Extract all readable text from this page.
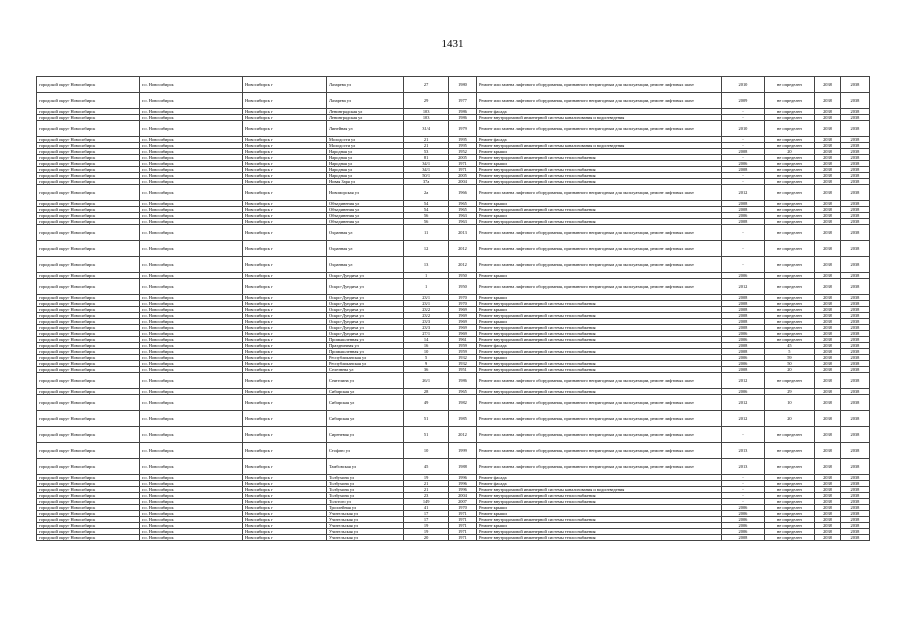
1431
городской округ Новосибирск	г.о. Новосибирск	Новосибирск г	Лазарева ул	27	1980	Ремонт или замена лифтового оборудования, признанного непригодным для эксплуатации, ремонт лифтовых шахт	2010	не определен	2038	2038
городской округ Новосибирск	г.о. Новосибирск	Новосибирск г	Лазарева ул	29	1977	Ремонт или замена лифтового оборудования, признанного непригодным для эксплуатации, ремонт лифтовых шахт	2009	не определен	2038	2038
городской округ Новосибирск	г.о. Новосибирск	Новосибирск г	Ленинградская ул	103	1986	Ремонт фасада	-	не определен	2038	2038
городской округ Новосибирск	г.о. Новосибирск	Новосибирск г	Ленинградская ул	103	1986	Ремонт внутридомовой инженерной системы канализования и водоотведения	-	не определен	2038	2038
городской округ Новосибирск	г.о. Новосибирск	Новосибирск г	Линейная ул	31/4	1979	Ремонт или замена лифтового оборудования, признанного непригодным для эксплуатации, ремонт лифтовых шахт	2010	не определен	2038	2038
городской округ Новосибирск	г.о. Новосибирск	Новосибирск г	Молодости ул	21	1995	Ремонт фасада	-	не определен	2038	2038
городской округ Новосибирск	г.о. Новосибирск	Новосибирск г	Молодости ул	21	1995	Ремонт внутридомовой инженерной системы канализования и водоотведения	-	не определен	2038	2038
городской округ Новосибирск	г.о. Новосибирск	Новосибирск г	Народная ул	53	1952	Ремонт крыши	2008	20	2038	2038
городской округ Новосибирск	г.о. Новосибирск	Новосибирск г	Народная ул	81	2005	Ремонт внутридомовой инженерной системы теплоснабжения	-	не определен	2038	2038
городской округ Новосибирск	г.о. Новосибирск	Новосибирск г	Народная ул	34/1	1971	Ремонт крыши	2006	не определен	2038	2038
городской округ Новосибирск	г.о. Новосибирск	Новосибирск г	Народная ул	34/1	1971	Ремонт внутридомовой инженерной системы теплоснабжения	2008	не определен	2038	2038
городской округ Новосибирск	г.о. Новосибирск	Новосибирск г	Народная ул	50/1	2005	Ремонт внутридомовой инженерной системы теплоснабжения	-	не определен	2038	2038
городской округ Новосибирск	г.о. Новосибирск	Новосибирск г	Новая Заря ул	37а	2004	Ремонт внутридомовой инженерной системы теплоснабжения	-	не определен	2038	2038
городской округ Новосибирск	г.о. Новосибирск	Новосибирск г	Новоморская ул	2а	1966	Ремонт или замена лифтового оборудования, признанного непригодным для эксплуатации, ремонт лифтовых шахт	2012	не определен	2038	2038
городской округ Новосибирск	г.о. Новосибирск	Новосибирск г	Объединения ул	54	1965	Ремонт крыши	2008	не определен	2038	2038
городской округ Новосибирск	г.о. Новосибирск	Новосибирск г	Объединения ул	54	1965	Ремонт внутридомовой инженерной системы теплоснабжения	2008	не определен	2038	2038
городской округ Новосибирск	г.о. Новосибирск	Новосибирск г	Объединения ул	56	1963	Ремонт крыши	2006	не определен	2038	2038
городской округ Новосибирск	г.о. Новосибирск	Новосибирск г	Объединения ул	56	1963	Ремонт внутридомовой инженерной системы теплоснабжения	2008	не определен	2038	2038
городской округ Новосибирск	г.о. Новосибирск	Новосибирск г	Охранная ул	11	2013	Ремонт или замена лифтового оборудования, признанного непригодным для эксплуатации, ремонт лифтовых шахт	-	не определен	2038	2038
городской округ Новосибирск	г.о. Новосибирск	Новосибирск г	Охранная ул	12	2012	Ремонт или замена лифтового оборудования, признанного непригодным для эксплуатации, ремонт лифтовых шахт	-	не определен	2038	2038
городской округ Новосибирск	г.о. Новосибирск	Новосибирск г	Охранная ул	13	2012	Ремонт или замена лифтового оборудования, признанного непригодным для эксплуатации, ремонт лифтовых шахт	-	не определен	2038	2038
городской округ Новосибирск	г.о. Новосибирск	Новосибирск г	Оскро-Дундича ул	1	1950	Ремонт крыши	2006	не определен	2038	2038
городской округ Новосибирск	г.о. Новосибирск	Новосибирск г	Оскро-Дундича ул	1	1950	Ремонт или замена лифтового оборудования, признанного непригодным для эксплуатации, ремонт лифтовых шахт	2012	не определен	2038	2038
городской округ Новосибирск	г.о. Новосибирск	Новосибирск г	Оскро-Дундича ул	23/1	1970	Ремонт крыши	2008	не определен	2038	2038
городской округ Новосибирск	г.о. Новосибирск	Новосибирск г	Оскро-Дундича ул	23/1	1970	Ремонт внутридомовой инженерной системы теплоснабжения	2008	не определен	2038	2038
городской округ Новосибирск	г.о. Новосибирск	Новосибирск г	Оскро-Дундича ул	23/2	1969	Ремонт крыши	2008	не определен	2038	2038
городской округ Новосибирск	г.о. Новосибирск	Новосибирск г	Оскро-Дундича ул	23/2	1969	Ремонт внутридомовой инженерной системы теплоснабжения	2008	не определен	2038	2038
городской округ Новосибирск	г.о. Новосибирск	Новосибирск г	Оскро-Дундича ул	23/3	1969	Ремонт крыши	2008	не определен	2038	2038
городской округ Новосибирск	г.о. Новосибирск	Новосибирск г	Оскро-Дундича ул	23/3	1969	Ремонт внутридомовой инженерной системы теплоснабжения	2008	не определен	2038	2038
городской округ Новосибирск	г.о. Новосибирск	Новосибирск г	Оскро-Дундича ул	27/1	1969	Ремонт внутридомовой инженерной системы теплоснабжения	2006	не определен	2038	2038
городской округ Новосибирск	г.о. Новосибирск	Новосибирск г	Промышленная ул	14	1961	Ремонт внутридомовой инженерной системы теплоснабжения	2006	не определен	2038	2038
городской округ Новосибирск	г.о. Новосибирск	Новосибирск г	Праздничная ул	16	1959	Ремонт фасада	2008	45	2038	2038
городской округ Новосибирск	г.о. Новосибирск	Новосибирск г	Промышленная ул	10	1959	Ремонт внутридомовой инженерной системы теплоснабжения	2008	5	2038	2038
городской округ Новосибирск	г.о. Новосибирск	Новосибирск г	Республиканская ул	5	1932	Ремонт крыши	2006	59	2038	2038
городской округ Новосибирск	г.о. Новосибирск	Новосибирск г	Республиканская ул	9	1932	Ремонт внутридомовой инженерной системы теплоснабжения	2006	50	2038	2038
городской округ Новосибирск	г.о. Новосибирск	Новосибирск г	Селезнева ул	36	1951	Ремонт внутридомовой инженерной системы теплоснабжения	2008	20	2038	2038
городской округ Новосибирск	г.о. Новосибирск	Новосибирск г	Сеятелина ул	26/1	1986	Ремонт или замена лифтового оборудования, признанного непригодным для эксплуатации, ремонт лифтовых шахт	2012	не определен	2038	2038
городской округ Новосибирск	г.о. Новосибирск	Новосибирск г	Сибирская ул	28	1965	Ремонт внутридомовой инженерной системы теплоснабжения	2006	29	2038	2038
городской округ Новосибирск	г.о. Новосибирск	Новосибирск г	Сибирская ул	49	1982	Ремонт или замена лифтового оборудования, признанного непригодным для эксплуатации, ремонт лифтовых шахт	2012	10	2038	2038
городской округ Новосибирск	г.о. Новосибирск	Новосибирск г	Сибирская ул	51	1985	Ремонт или замена лифтового оборудования, признанного непригодным для эксплуатации, ремонт лифтовых шахт	2012	20	2038	2038
городской округ Новосибирск	г.о. Новосибирск	Новосибирск г	Сиреневая ул	51	2012	Ремонт или замена лифтового оборудования, признанного непригодным для эксплуатации, ремонт лифтовых шахт	-	не определен	2038	2038
городской округ Новосибирск	г.о. Новосибирск	Новосибирск г	Стофато ул	10	1999	Ремонт или замена лифтового оборудования, признанного непригодным для эксплуатации, ремонт лифтовых шахт	2013	не определен	2038	2038
городской округ Новосибирск	г.о. Новосибирск	Новосибирск г	Тамбовская ул	45	1988	Ремонт или замена лифтового оборудования, признанного непригодным для эксплуатации, ремонт лифтовых шахт	2013	не определен	2038	2038
городской округ Новосибирск	г.о. Новосибирск	Новосибирск г	Толбухина ул	19	1996	Ремонт фасада	-	не определен	2038	2038
городской округ Новосибирск	г.о. Новосибирск	Новосибирск г	Толбухина ул	21	1996	Ремонт фасада	-	не определен	2038	2038
городской округ Новосибирск	г.о. Новосибирск	Новосибирск г	Толбухина ул	21	1996	Ремонт внутридомовой инженерной системы канализования и водоотведения	-	не определен	2038	2038
городской округ Новосибирск	г.о. Новосибирск	Новосибирск г	Толбухина ул	23	2004	Ремонт внутридомовой инженерной системы теплоснабжения	-	не определен	2038	2038
городской округ Новосибирск	г.о. Новосибирск	Новосибирск г	Толстого ул	149	2007	Ремонт внутридомовой инженерной системы теплоснабжения	-	не определен	2038	2038
городской округ Новосибирск	г.о. Новосибирск	Новосибирск г	Троллейная ул	41	1970	Ремонт крыши	2006	не определен	2038	2038
городской округ Новосибирск	г.о. Новосибирск	Новосибирск г	Учительская ул	17	1971	Ремонт крыши	2006	не определен	2038	2038
городской округ Новосибирск	г.о. Новосибирск	Новосибирск г	Учительская ул	17	1971	Ремонт внутридомовой инженерной системы теплоснабжения	2006	не определен	2038	2038
городской округ Новосибирск	г.о. Новосибирск	Новосибирск г	Учительская ул	19	1971	Ремонт крыши	2006	не определен	2038	2038
городской округ Новосибирск	г.о. Новосибирск	Новосибирск г	Учительская ул	19	1971	Ремонт внутридомовой инженерной системы теплоснабжения	2006	не определен	2038	2038
городской округ Новосибирск	г.о. Новосибирск	Новосибирск г	Учительская ул	20	1971	Ремонт внутридомовой инженерной системы теплоснабжения	2008	не определен	2038	2038
